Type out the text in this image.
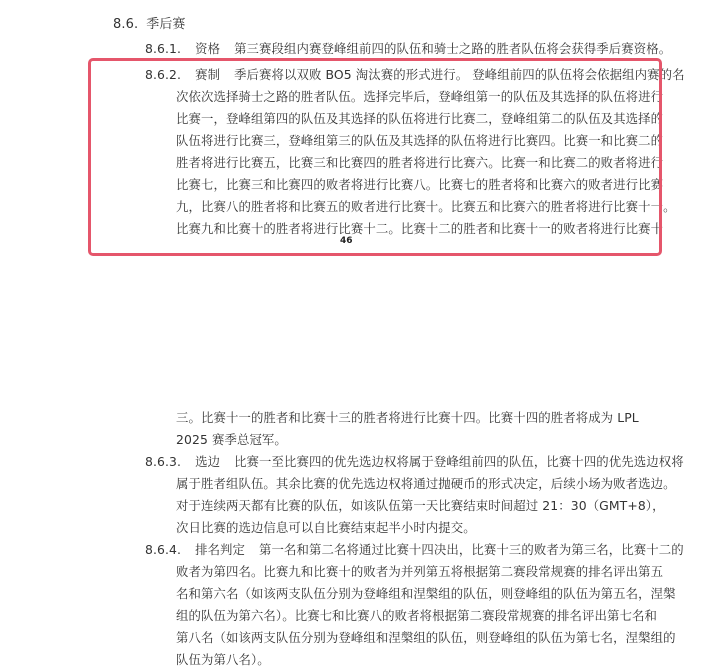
8.6. 季后赛
8.6.1. 资格 第三赛段组内赛登峰组前四的队伍和骑士之路的胜者队伍将会获得季后赛资格。
8.6.2. 赛制 季后赛将以双败 BO5 淘汰赛的形式进行。 登峰组前四的队伍将会依据组内赛的名
次依次选择骑士之路的胜者队伍。选择完毕后，登峰组第一的队伍及其选择的队伍将进行
比赛一，登峰组第四的队伍及其选择的队伍将进行比赛二，登峰组第二的队伍及其选择的
队伍将进行比赛三，登峰组第三的队伍及其选择的队伍将进行比赛四。比赛一和比赛二的
胜者将进行比赛五，比赛三和比赛四的胜者将进行比赛六。比赛一和比赛二的败者将进行
比赛七，比赛三和比赛四的败者将进行比赛八。比赛七的胜者将和比赛六的败者进行比赛
九，比赛八的胜者将和比赛五的败者进行比赛十。比赛五和比赛六的胜者将进行比赛十一。
比赛九和比赛十的胜者将进行比赛十二。比赛十二的胜者和比赛十一的败者将进行比赛十
46
三。比赛十一的胜者和比赛十三的胜者将进行比赛十四。比赛十四的胜者将成为 LPL
2025 赛季总冠军。
8.6.3. 选边 比赛一至比赛四的优先选边权将属于登峰组前四的队伍，比赛十四的优先选边权将
属于胜者组队伍。其余比赛的优先选边权将通过抛硬币的形式决定，后续小场为败者选边。
对于连续两天都有比赛的队伍，如该队伍第一天比赛结束时间超过 21：30（GMT+8），
次日比赛的选边信息可以自比赛结束起半小时内提交。
8.6.4. 排名判定 第一名和第二名将通过比赛十四决出，比赛十三的败者为第三名，比赛十二的
败者为第四名。比赛九和比赛十的败者为并列第五将根据第二赛段常规赛的排名评出第五
名和第六名（如该两支队伍分别为登峰组和涅槃组的队伍，则登峰组的队伍为第五名，涅槃
组的队伍为第六名）。比赛七和比赛八的败者将根据第二赛段常规赛的排名评出第七名和
第八名（如该两支队伍分别为登峰组和涅槃组的队伍，则登峰组的队伍为第七名，涅槃组的
队伍为第八名）。
